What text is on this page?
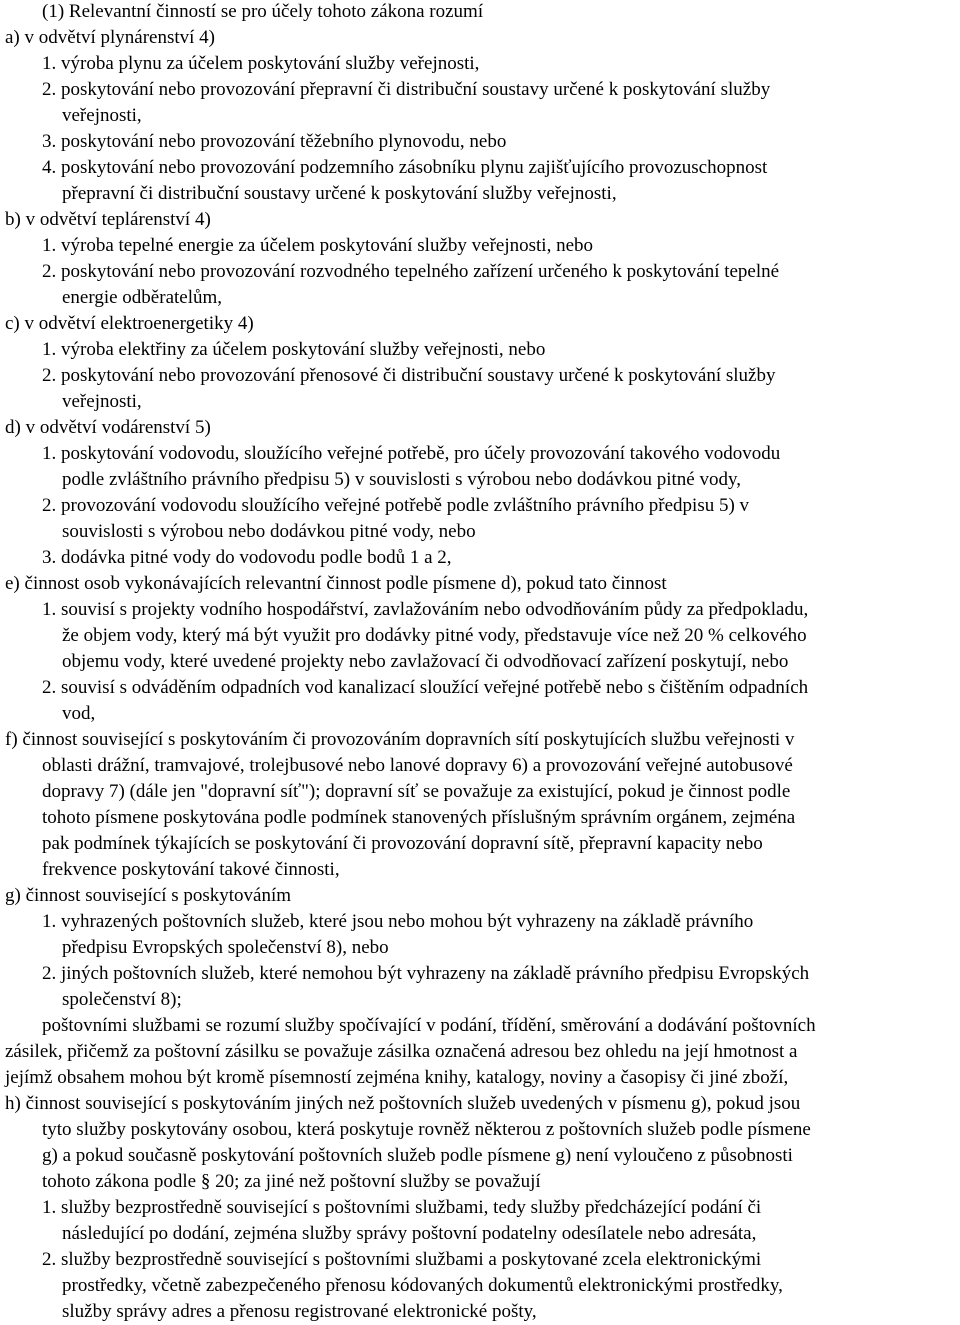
(1) Relevantní činností se pro účely tohoto zákona rozumí
a) v odvětví plynárenství 4)
1. výroba plynu za účelem poskytování služby veřejnosti,
2. poskytování nebo provozování přepravní či distribuční soustavy určené k poskytování služby
veřejnosti,
3. poskytování nebo provozování těžebního plynovodu, nebo
4. poskytování nebo provozování podzemního zásobníku plynu zajišťujícího provozuschopnost
přepravní či distribuční soustavy určené k poskytování služby veřejnosti,
b) v odvětví teplárenství 4)
1. výroba tepelné energie za účelem poskytování služby veřejnosti, nebo
2. poskytování nebo provozování rozvodného tepelného zařízení určeného k poskytování tepelné
energie odběratelům,
c) v odvětví elektroenergetiky 4)
1. výroba elektřiny za účelem poskytování služby veřejnosti, nebo
2. poskytování nebo provozování přenosové či distribuční soustavy určené k poskytování služby
veřejnosti,
d) v odvětví vodárenství 5)
1. poskytování vodovodu, sloužícího veřejné potřebě, pro účely provozování takového vodovodu
podle zvláštního právního předpisu 5) v souvislosti s výrobou nebo dodávkou pitné vody,
2. provozování vodovodu sloužícího veřejné potřebě podle zvláštního právního předpisu 5) v
souvislosti s výrobou nebo dodávkou pitné vody, nebo
3. dodávka pitné vody do vodovodu podle bodů 1 a 2,
e) činnost osob vykonávajících relevantní činnost podle písmene d), pokud tato činnost
1. souvisí s projekty vodního hospodářství, zavlažováním nebo odvodňováním půdy za předpokladu,
že objem vody, který má být využit pro dodávky pitné vody, představuje více než 20 % celkového
objemu vody, které uvedené projekty nebo zavlažovací či odvodňovací zařízení poskytují, nebo
2. souvisí s odváděním odpadních vod kanalizací sloužící veřejné potřebě nebo s čištěním odpadních
vod,
f) činnost související s poskytováním či provozováním dopravních sítí poskytujících službu veřejnosti v
oblasti drážní, tramvajové, trolejbusové nebo lanové dopravy 6) a provozování veřejné autobusové
dopravy 7) (dále jen "dopravní síť"); dopravní síť se považuje za existující, pokud je činnost podle
tohoto písmene poskytována podle podmínek stanovených příslušným správním orgánem, zejména
pak podmínek týkajících se poskytování či provozování dopravní sítě, přepravní kapacity nebo
frekvence poskytování takové činnosti,
g) činnost související s poskytováním
1. vyhrazených poštovních služeb, které jsou nebo mohou být vyhrazeny na základě právního
předpisu Evropských společenství 8), nebo
2. jiných poštovních služeb, které nemohou být vyhrazeny na základě právního předpisu Evropských
společenství 8);
poštovními službami se rozumí služby spočívající v podání, třídění, směrování a dodávání poštovních
zásilek, přičemž za poštovní zásilku se považuje zásilka označená adresou bez ohledu na její hmotnost a
jejímž obsahem mohou být kromě písemností zejména knihy, katalogy, noviny a časopisy či jiné zboží,
h) činnost související s poskytováním jiných než poštovních služeb uvedených v písmenu g), pokud jsou
tyto služby poskytovány osobou, která poskytuje rovněž některou z poštovních služeb podle písmene
g) a pokud současně poskytování poštovních služeb podle písmene g) není vyloučeno z působnosti
tohoto zákona podle § 20; za jiné než poštovní služby se považují
1. služby bezprostředně související s poštovními službami, tedy služby předcházející podání či
následující po dodání, zejména služby správy poštovní podatelny odesílatele nebo adresáta,
2. služby bezprostředně související s poštovními službami a poskytované zcela elektronickými
prostředky, včetně zabezpečeného přenosu kódovaných dokumentů elektronickými prostředky,
služby správy adres a přenosu registrované elektronické pošty,
